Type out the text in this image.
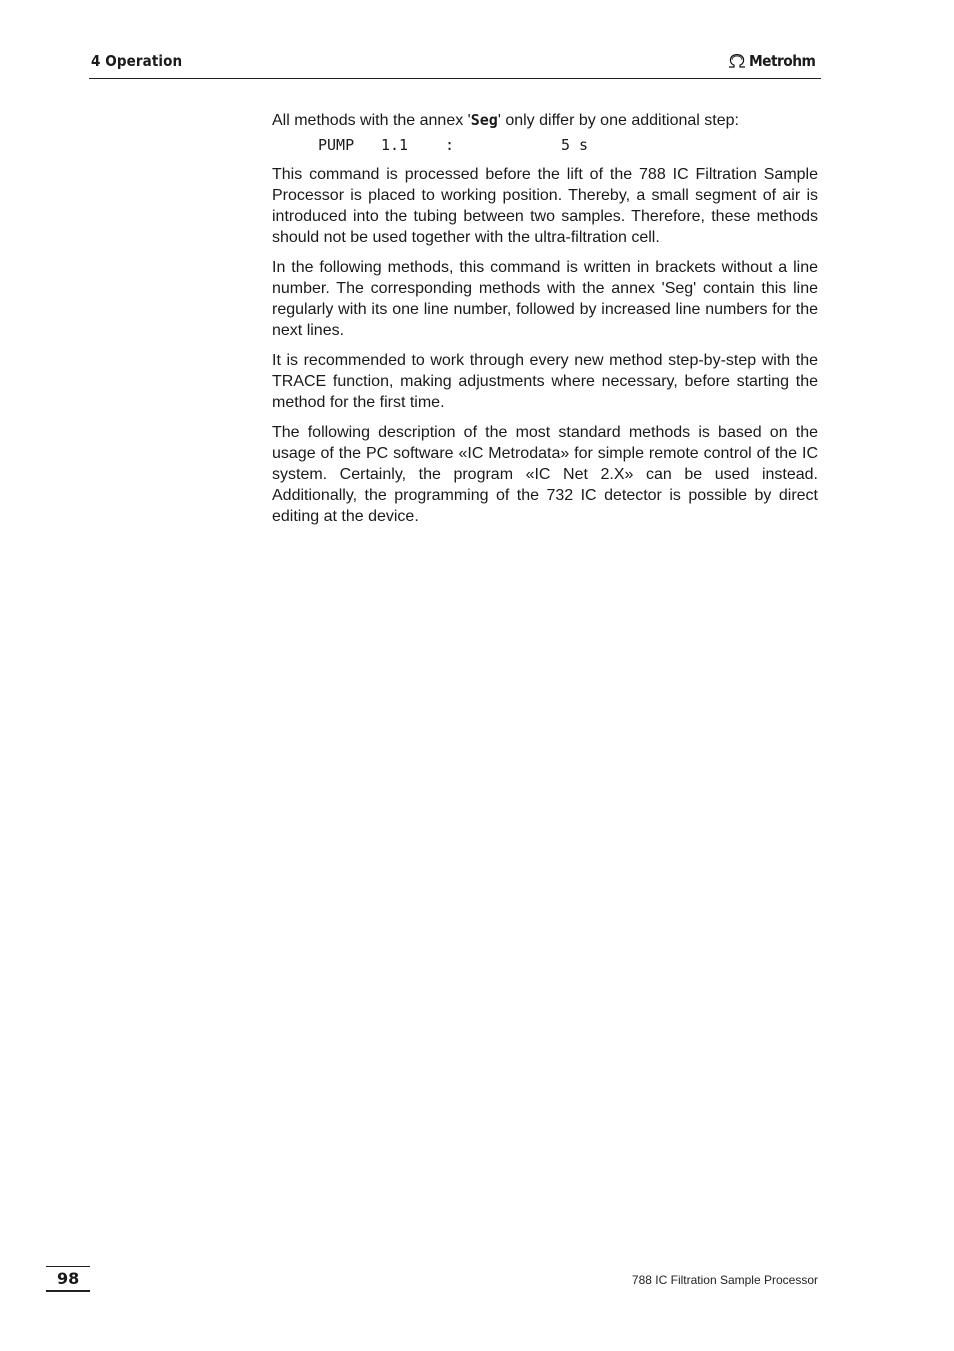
4 Operation	Metrohm

All methods with the annex 'Seg' only differ by one additional step:

PUMP 1.1 :	5 s

This command is processed before the lift of the 788 IC Filtration Sample Processor is placed to working position. Thereby, a small segment of air is introduced into the tubing between two samples. Therefore, these methods should not be used together with the ultra-filtration cell.

In the following methods, this command is written in brackets without a line number. The corresponding methods with the annex 'Seg' contain this line regularly with its one line number, followed by increased line numbers for the next lines.

It is recommended to work through every new method step-by-step with the TRACE function, making adjustments where necessary, before starting the method for the first time.

The following description of the most standard methods is based on the usage of the PC software «IC Metrodata» for simple remote control of the IC system. Certainly, the program «IC Net 2.X» can be used instead. Additionally, the programming of the 732 IC detector is possible by direct editing at the device.

98	788 IC Filtration Sample Processor
